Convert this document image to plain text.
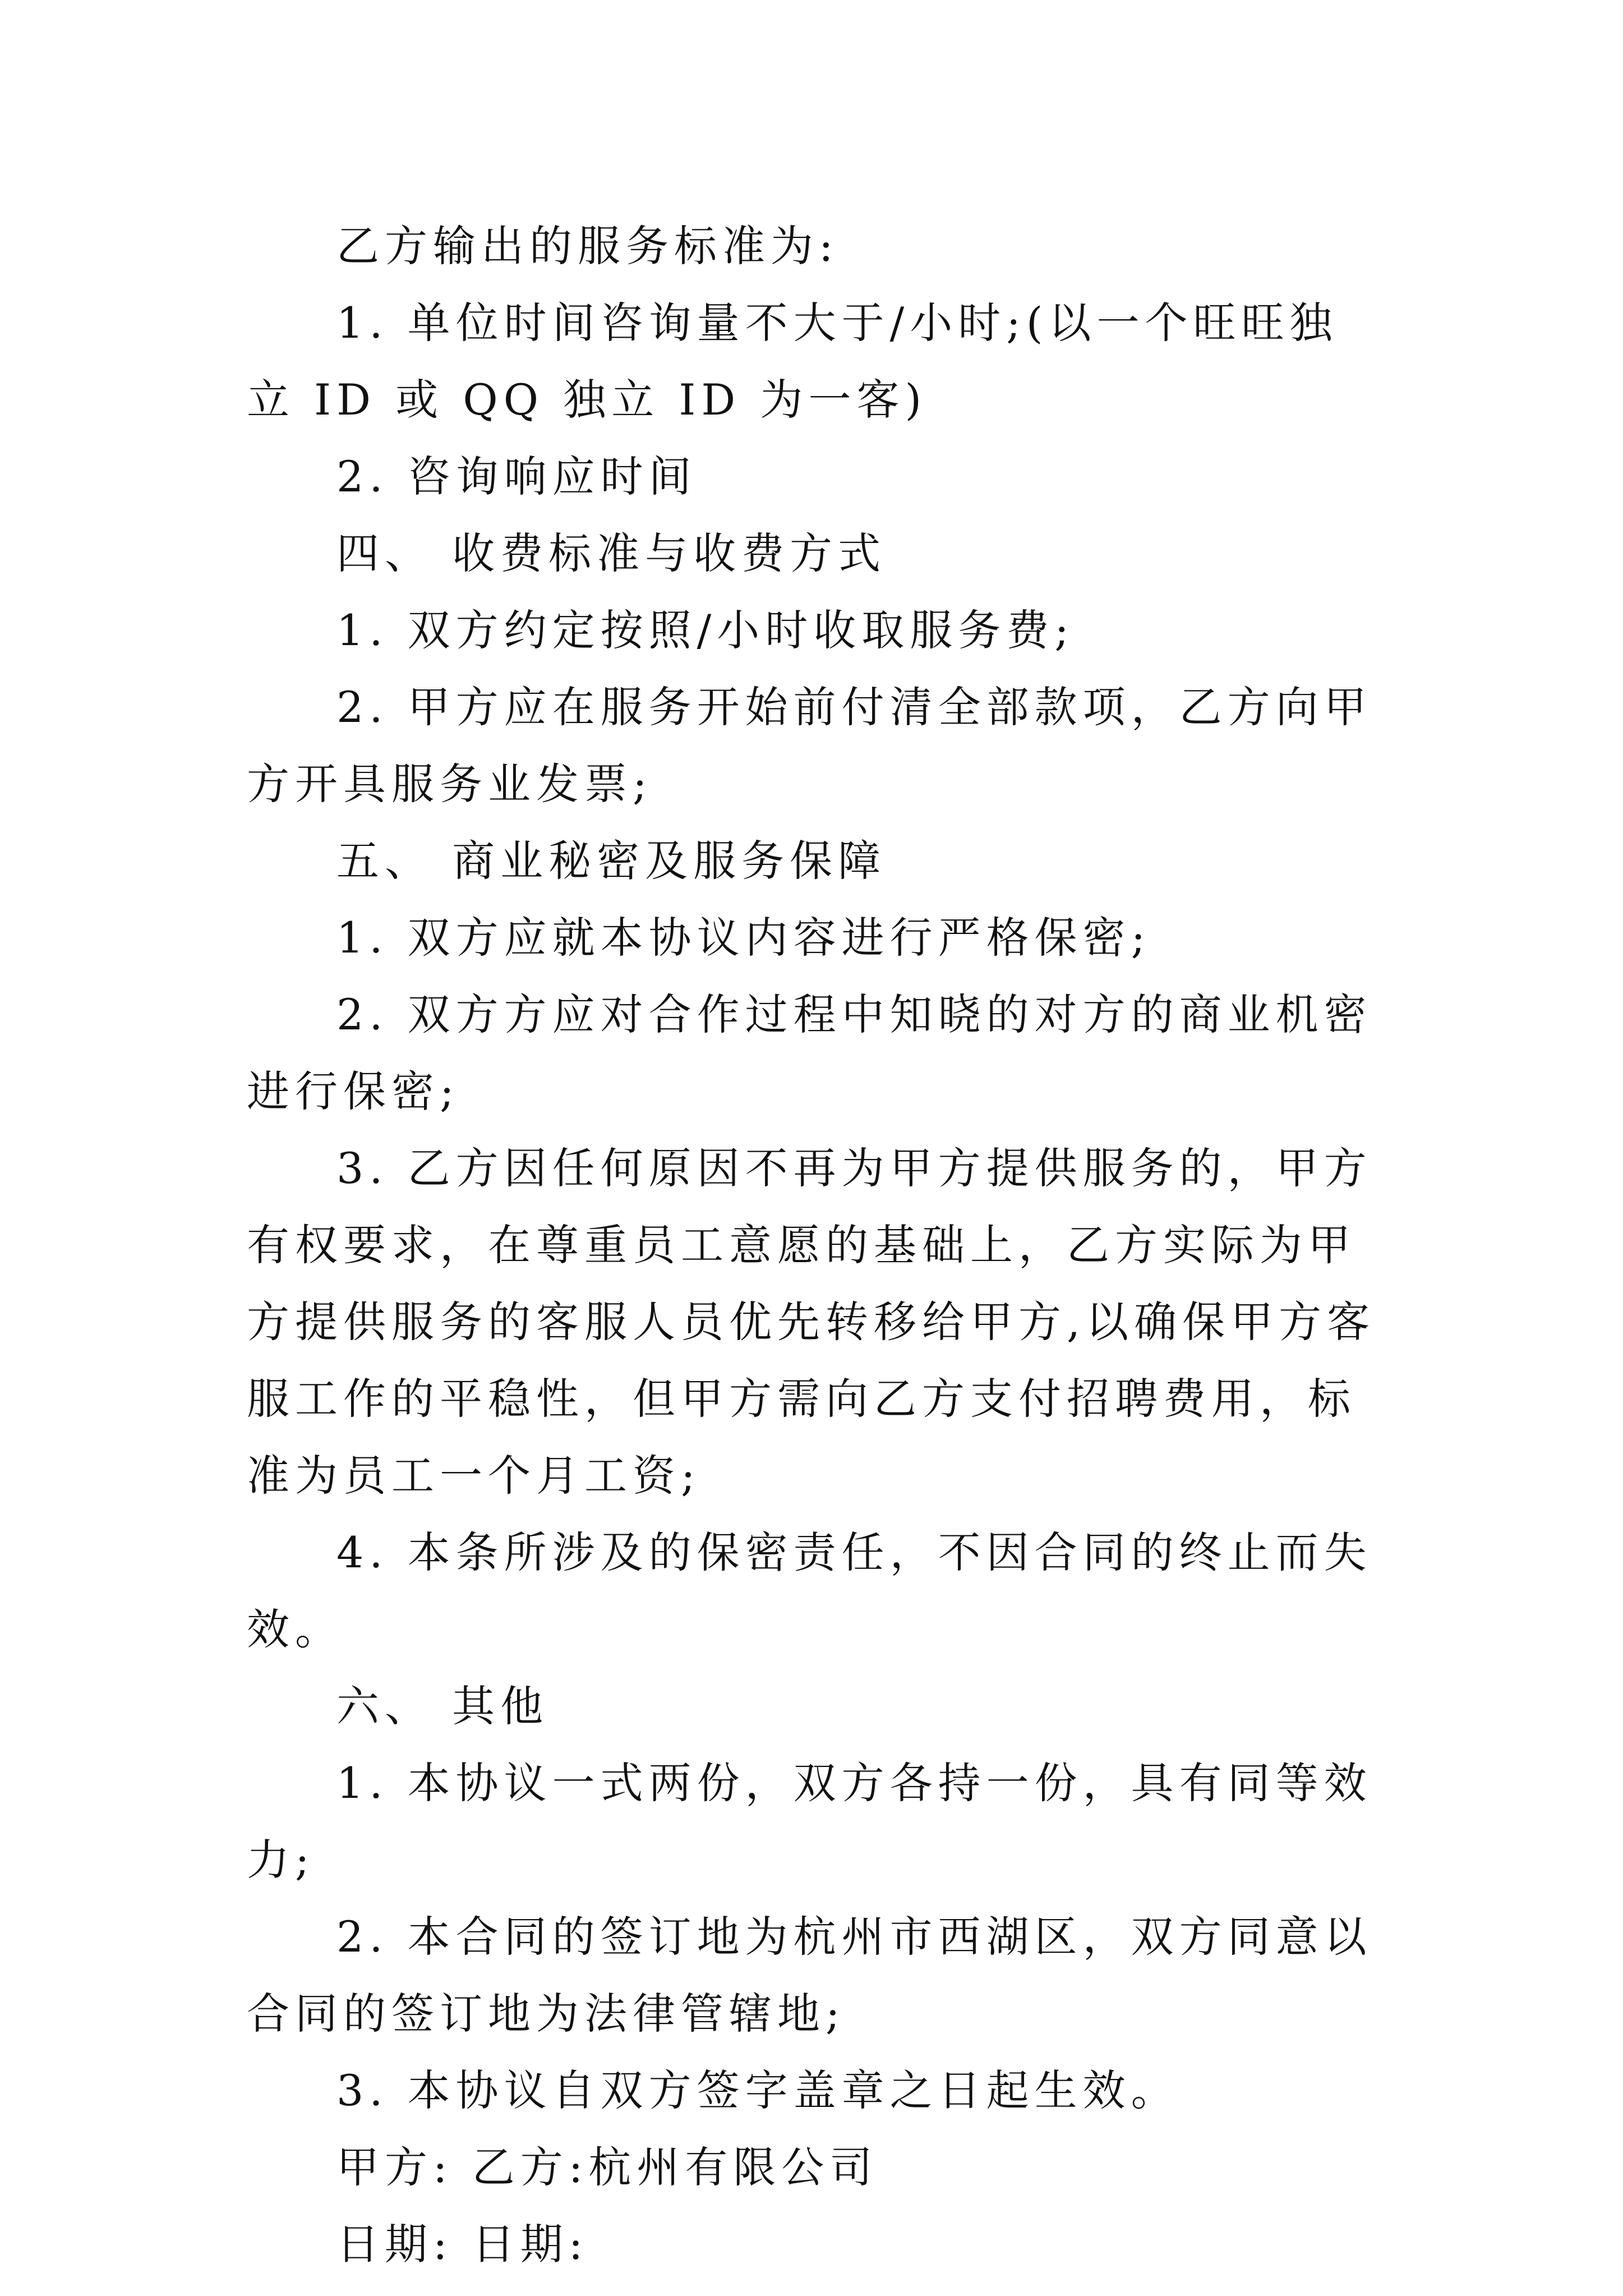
乙方输出的服务标准为:

1. 单位时间咨询量不大于/小时;(以一个旺旺独立 ID 或 QQ 独立 ID 为一客)

2. 咨询响应时间

四、 收费标准与收费方式

1. 双方约定按照/小时收取服务费;

2. 甲方应在服务开始前付清全部款项，乙方向甲方开具服务业发票;

五、 商业秘密及服务保障

1. 双方应就本协议内容进行严格保密;

2. 双方方应对合作过程中知晓的对方的商业机密进行保密;

3. 乙方因任何原因不再为甲方提供服务的，甲方有权要求，在尊重员工意愿的基础上，乙方实际为甲方提供服务的客服人员优先转移给甲方,以确保甲方客服工作的平稳性，但甲方需向乙方支付招聘费用，标准为员工一个月工资;

4. 本条所涉及的保密责任，不因合同的终止而失效。

六、 其他

1. 本协议一式两份，双方各持一份，具有同等效力;

2. 本合同的签订地为杭州市西湖区，双方同意以合同的签订地为法律管辖地;

3. 本协议自双方签字盖章之日起生效。

甲方: 乙方:杭州有限公司

日期: 日期:
